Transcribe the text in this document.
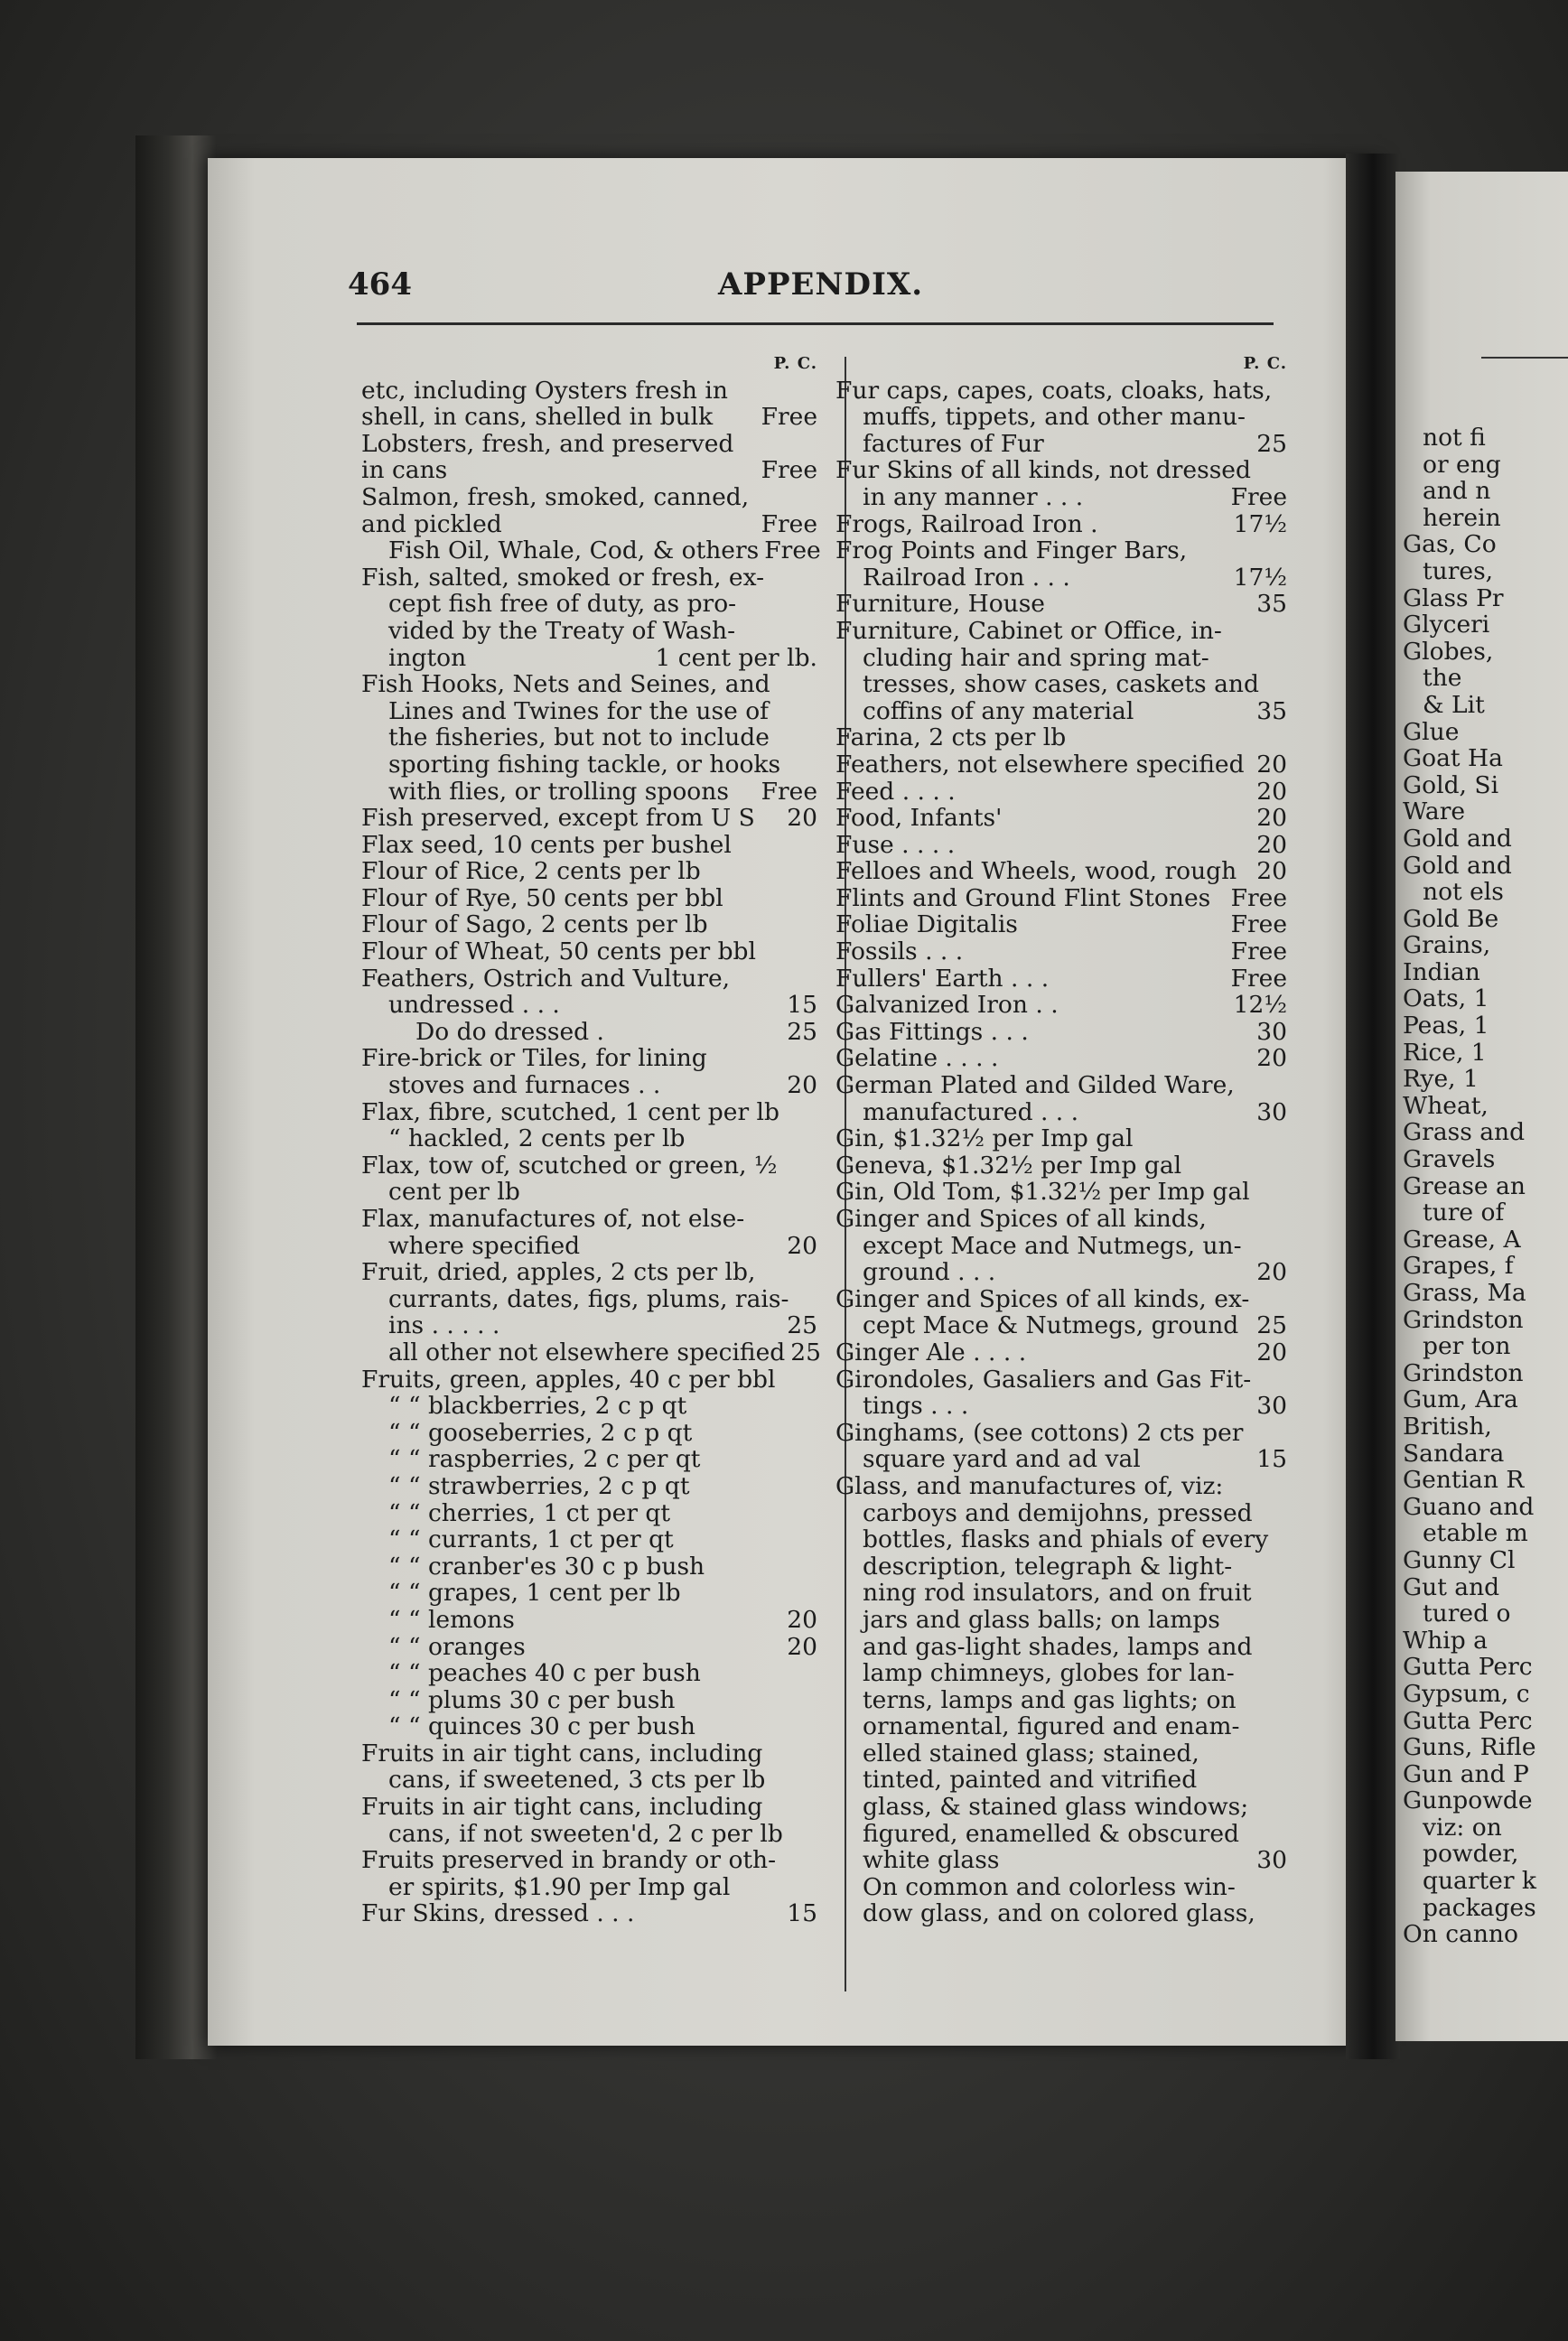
not fi
or eng
and n
herein
Gas, Co
tures,
Glass Pr
Glyceri
Globes,
the
& Lit
Glue
Goat Ha
Gold, Si
Ware
Gold and
Gold and
not els
Gold Be
Grains,
Indian
Oats, 1
Peas, 1
Rice, 1
Rye, 1
Wheat,
Grass and
Gravels
Grease an
ture of
Grease, A
Grapes, f
Grass, Ma
Grindston
per ton
Grindston
Gum, Ara
British,
Sandara
Gentian R
Guano and
etable m
Gunny Cl
Gut and
tured o
Whip a
Gutta Perc
Gypsum, c
Gutta Perc
Guns, Rifle
Gun and P
Gunpowde
viz: on
powder,
quarter k
packages
On canno
464	APPENDIX.
P. C.
etc, including Oysters fresh in
shell, in cans, shelled in bulk	Free
Lobsters, fresh, and preserved
in cans	Free
Salmon, fresh, smoked, canned,
and pickled	Free
Fish Oil, Whale, Cod, & others Free
Fish, salted, smoked or fresh, ex-
cept fish free of duty, as pro-
vided by the Treaty of Wash-
ington	1 cent per lb.
Fish Hooks, Nets and Seines, and
Lines and Twines for the use of
the fisheries, but not to include
sporting fishing tackle, or hooks
with flies, or trolling spoons	Free
Fish preserved, except from U S	20
Flax seed, 10 cents per bushel
Flour of Rice, 2 cents per lb
Flour of Rye, 50 cents per bbl
Flour of Sago, 2 cents per lb
Flour of Wheat, 50 cents per bbl
Feathers, Ostrich and Vulture,
undressed . . .	15
Do do dressed .	25
Fire-brick or Tiles, for lining
stoves and furnaces . .	20
Flax, fibre, scutched, 1 cent per lb
“ hackled, 2 cents per lb
Flax, tow of, scutched or green, ½
cent per lb
Flax, manufactures of, not else-
where specified	20
Fruit, dried, apples, 2 cts per lb,
currants, dates, figs, plums, rais-
ins . . . . .	25
all other not elsewhere specified 25
Fruits, green, apples, 40 c per bbl
“ “ blackberries, 2 c p qt
“ “ gooseberries, 2 c p qt
“ “ raspberries, 2 c per qt
“ “ strawberries, 2 c p qt
“ “ cherries, 1 ct per qt
“ “ currants, 1 ct per qt
“ “ cranber'es 30 c p bush
“ “ grapes, 1 cent per lb
“ “ lemons	20
“ “ oranges	20
“ “ peaches 40 c per bush
“ “ plums 30 c per bush
“ “ quinces 30 c per bush
Fruits in air tight cans, including
cans, if sweetened, 3 cts per lb
Fruits in air tight cans, including
cans, if not sweeten'd, 2 c per lb
Fruits preserved in brandy or oth-
er spirits, $1.90 per Imp gal
Fur Skins, dressed . . .	15
P. C.
Fur caps, capes, coats, cloaks, hats,
muffs, tippets, and other manu-
factures of Fur	25
Fur Skins of all kinds, not dressed
in any manner . . .	Free
Frogs, Railroad Iron .	17½
Frog Points and Finger Bars,
Railroad Iron . . .	17½
Furniture, House	35
Furniture, Cabinet or Office, in-
cluding hair and spring mat-
tresses, show cases, caskets and
coffins of any material	35
Farina, 2 cts per lb
Feathers, not elsewhere specified 20
Feed . . . .	20
Food, Infants'	20
Fuse . . . .	20
Felloes and Wheels, wood, rough 20
Flints and Ground Flint Stones Free
Foliae Digitalis	Free
Fossils . . .	Free
Fullers' Earth . . .	Free
Galvanized Iron . .	12½
Gas Fittings . . .	30
Gelatine . . . .	20
German Plated and Gilded Ware,
manufactured . . .	30
Gin, $1.32½ per Imp gal
Geneva, $1.32½ per Imp gal
Gin, Old Tom, $1.32½ per Imp gal
Ginger and Spices of all kinds,
except Mace and Nutmegs, un-
ground . . .	20
Ginger and Spices of all kinds, ex-
cept Mace & Nutmegs, ground 25
Ginger Ale . . . .	20
Girondoles, Gasaliers and Gas Fit-
tings . . .	30
Ginghams, (see cottons) 2 cts per
square yard and ad val	15
Glass, and manufactures of, viz:
carboys and demijohns, pressed
bottles, flasks and phials of every
description, telegraph & light-
ning rod insulators, and on fruit
jars and glass balls; on lamps
and gas-light shades, lamps and
lamp chimneys, globes for lan-
terns, lamps and gas lights; on
ornamental, figured and enam-
elled stained glass; stained,
tinted, painted and vitrified
glass, & stained glass windows;
figured, enamelled & obscured
white glass	30
On common and colorless win-
dow glass, and on colored glass,
